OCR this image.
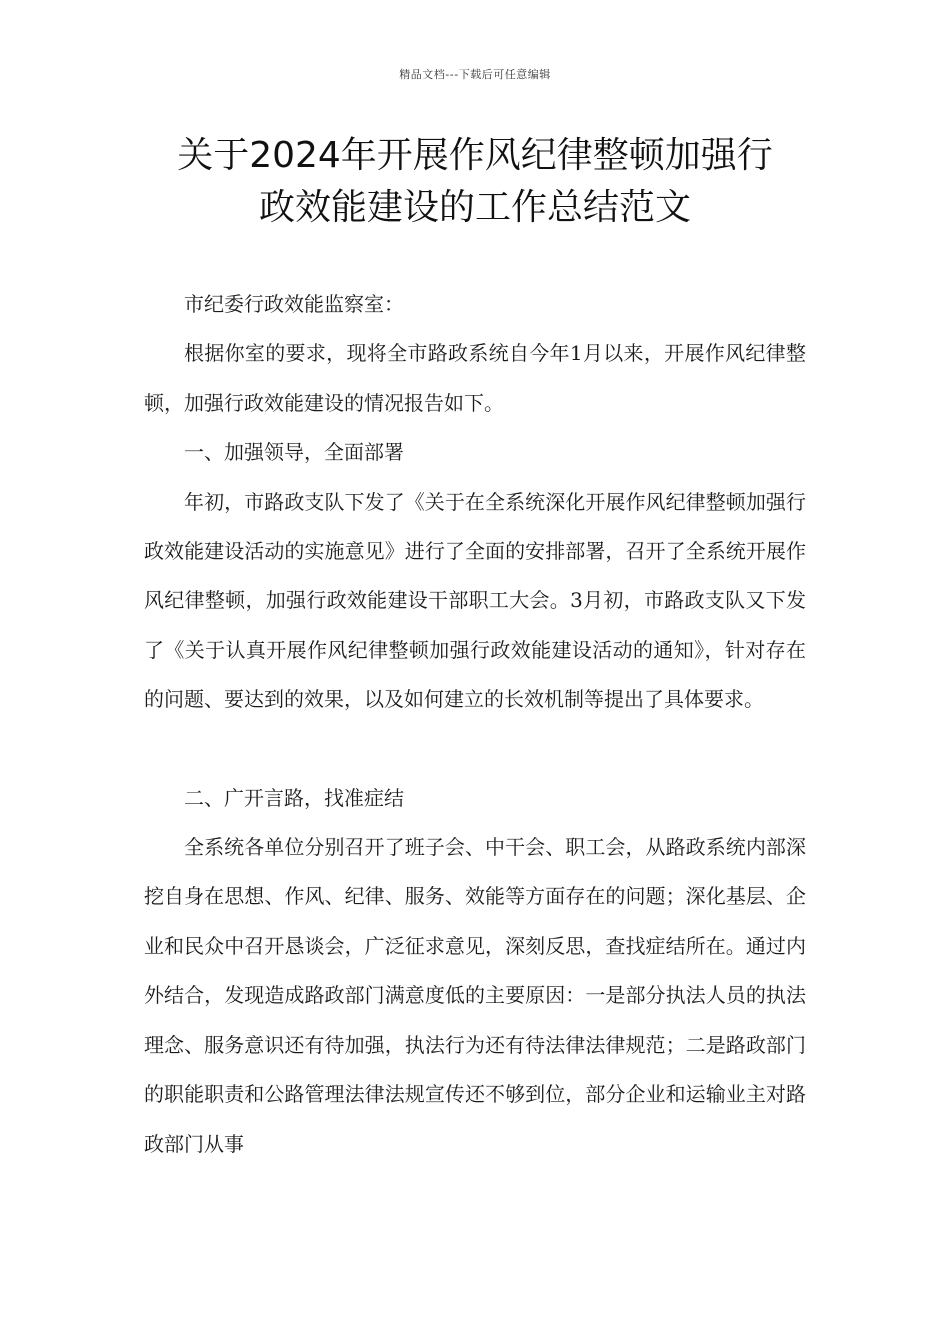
精品文档---下载后可任意编辑
关于2024年开展作风纪律整顿加强行
政效能建设的工作总结范文

市纪委行政效能监察室：

根据你室的要求，现将全市路政系统自今年1月以来，开展作风纪律整顿，加强行政效能建设的情况报告如下。

一、加强领导，全面部署

年初，市路政支队下发了《关于在全系统深化开展作风纪律整顿加强行政效能建设活动的实施意见》进行了全面的安排部署，召开了全系统开展作风纪律整顿，加强行政效能建设干部职工大会。3月初，市路政支队又下发了《关于认真开展作风纪律整顿加强行政效能建设活动的通知》，针对存在的问题、要达到的效果，以及如何建立的长效机制等提出了具体要求。

二、广开言路，找准症结

全系统各单位分别召开了班子会、中干会、职工会，从路政系统内部深挖自身在思想、作风、纪律、服务、效能等方面存在的问题；深化基层、企业和民众中召开恳谈会，广泛征求意见，深刻反思，查找症结所在。通过内外结合，发现造成路政部门满意度低的主要原因：一是部分执法人员的执法理念、服务意识还有待加强，执法行为还有待法律法律规范；二是路政部门的职能职责和公路管理法律法规宣传还不够到位，部分企业和运输业主对路政部门从事
